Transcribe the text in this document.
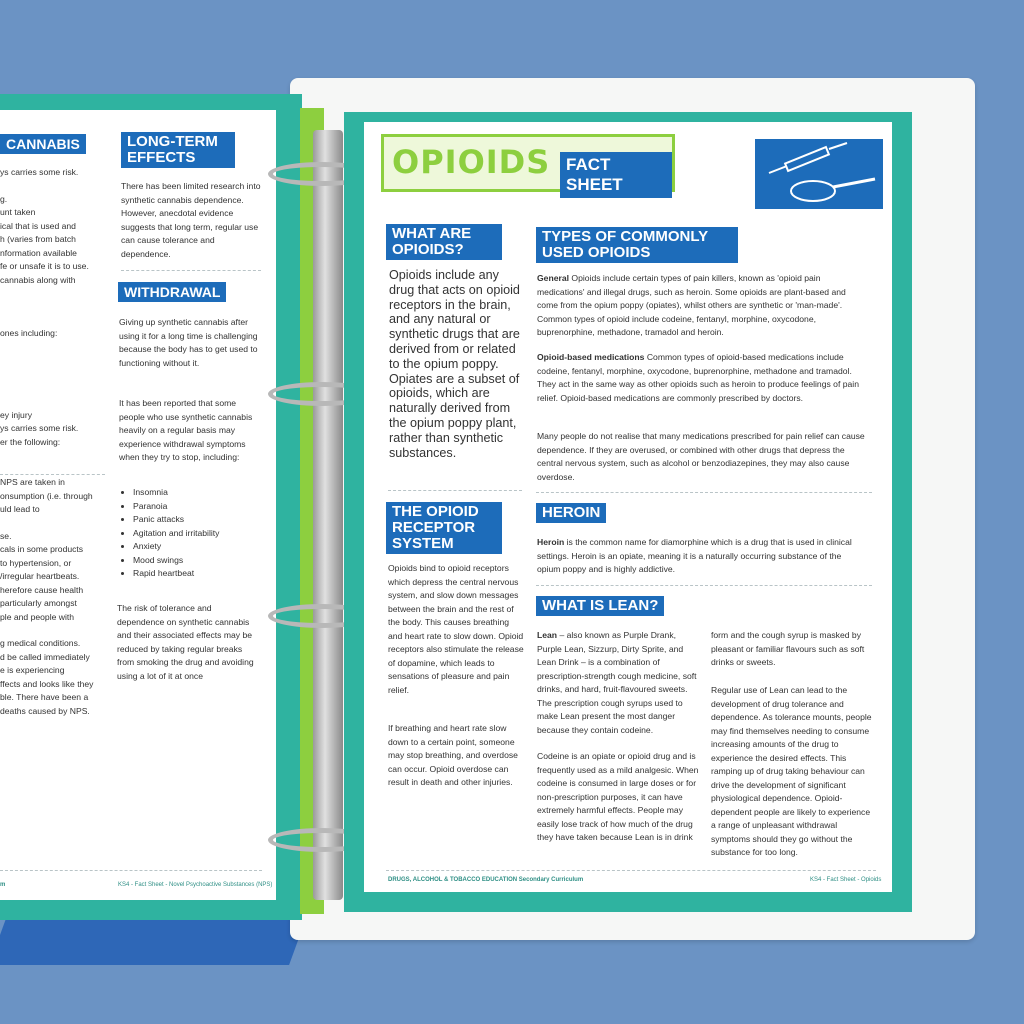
CANNABIS
ys carries some risk.
g.
unt taken
ical that is used and
h (varies from batch
nformation available
fe or unsafe it is to use.
cannabis along with
ones including:
ey injury
ys carries some risk.
er the following:
NPS are taken in
onsumption (i.e. through
uld lead to
se.
cals in some products
to hypertension, or
/irregular heartbeats.
herefore cause health
particularly amongst
ple and people with
g medical conditions.
d be called immediately
e is experiencing
ffects and looks like they
ble. There have been a
deaths caused by NPS.
LONG-TERM EFFECTS
There has been limited research into synthetic cannabis dependence. However, anecdotal evidence suggests that long term, regular use can cause tolerance and dependence.
WITHDRAWAL
Giving up synthetic cannabis after using it for a long time is challenging because the body has to get used to functioning without it.
It has been reported that some people who use synthetic cannabis heavily on a regular basis may experience withdrawal symptoms when they try to stop, including:
• Insomnia
• Paranoia
• Panic attacks
• Agitation and irritability
• Anxiety
• Mood swings
• Rapid heartbeat
The risk of tolerance and dependence on synthetic cannabis and their associated effects may be reduced by taking regular breaks from smoking the drug and avoiding using a lot of it at once
m	KS4 - Fact Sheet - Novel Psychoactive Substances (NPS)
OPIOIDS FACT SHEET
WHAT ARE OPIOIDS?
Opioids include any drug that acts on opioid receptors in the brain, and any natural or synthetic drugs that are derived from or related to the opium poppy. Opiates are a subset of opioids, which are naturally derived from the opium poppy plant, rather than synthetic substances.
THE OPIOID RECEPTOR SYSTEM
Opioids bind to opioid receptors which depress the central nervous system, and slow down messages between the brain and the rest of the body. This causes breathing and heart rate to slow down. Opioid receptors also stimulate the release of dopamine, which leads to sensations of pleasure and pain relief.
If breathing and heart rate slow down to a certain point, someone may stop breathing, and overdose can occur. Opioid overdose can result in death and other injuries.
TYPES OF COMMONLY USED OPIOIDS
General Opioids include certain types of pain killers, known as 'opioid pain medications' and illegal drugs, such as heroin. Some opioids are plant-based and come from the opium poppy (opiates), whilst others are synthetic or 'man-made'. Common types of opioid include codeine, fentanyl, morphine, oxycodone, buprenorphine, methadone, tramadol and heroin.
Opioid-based medications Common types of opioid-based medications include codeine, fentanyl, morphine, oxycodone, buprenorphine, methadone and tramadol. They act in the same way as other opioids such as heroin to produce feelings of pain relief. Opioid-based medications are commonly prescribed by doctors.
Many people do not realise that many medications prescribed for pain relief can cause dependence. If they are overused, or combined with other drugs that depress the central nervous system, such as alcohol or benzodiazepines, they may also cause overdose.
HEROIN
Heroin is the common name for diamorphine which is a drug that is used in clinical settings. Heroin is an opiate, meaning it is a naturally occurring substance of the opium poppy and is highly addictive.
WHAT IS LEAN?
Lean – also known as Purple Drank, Purple Lean, Sizzurp, Dirty Sprite, and Lean Drink – is a combination of prescription-strength cough medicine, soft drinks, and hard, fruit-flavoured sweets. The prescription cough syrups used to make Lean present the most danger because they contain codeine.
Codeine is an opiate or opioid drug and is frequently used as a mild analgesic. When codeine is consumed in large doses or for non-prescription purposes, it can have extremely harmful effects. People may easily lose track of how much of the drug they have taken because Lean is in drink
form and the cough syrup is masked by pleasant or familiar flavours such as soft drinks or sweets.
Regular use of Lean can lead to the development of drug tolerance and dependence. As tolerance mounts, people may find themselves needing to consume increasing amounts of the drug to experience the desired effects. This ramping up of drug taking behaviour can drive the development of significant physiological dependence. Opioid-dependent people are likely to experience a range of unpleasant withdrawal symptoms should they go without the substance for too long.
DRUGS, ALCOHOL & TOBACCO EDUCATION Secondary Curriculum	KS4 - Fact Sheet - Opioids
